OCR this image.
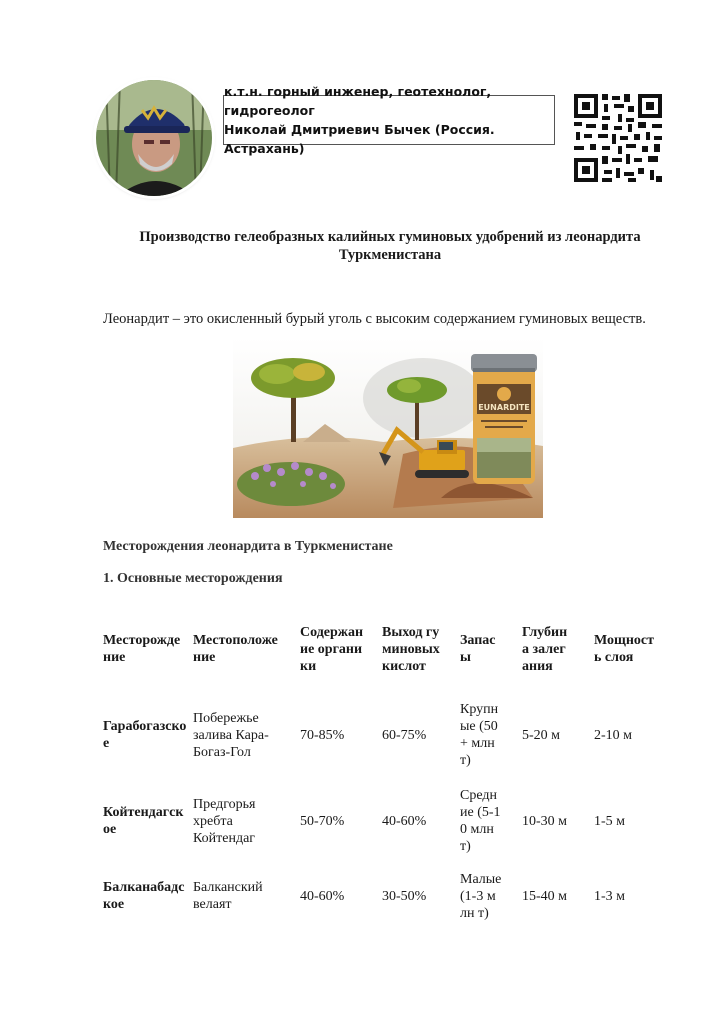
к.т.н. горный инженер, геотехнолог, гидрогеолог
Николай Дмитриевич Бычек (Россия. Астрахань)
Производство гелеобразных калийных гуминовых удобрений из леонардита
Туркменистана
Леонардит – это окисленный бурый уголь с высоким содержанием гуминовых веществ.
EUNARDITE
Месторождения леонардита в Туркменистане
1. Основные месторождения
Месторождение	Местоположение	Содержание органики	Выход гуминовых кислот	Запасы	Глубина залегания	Мощность слоя

Гарабогазское	Побережье залива Кара-Богаз-Гол	70-85%	60-75%	Крупные (50+ млн т)	5-20 м	2-10 м

Койтендагское	Предгорья хребта Койтендаг	50-70%	40-60%	Средние (5-10 млн т)	10-30 м	1-5 м

Балканабадское	Балканский велаят	40-60%	30-50%	Малые (1-3 млн т)	15-40 м	1-3 м
